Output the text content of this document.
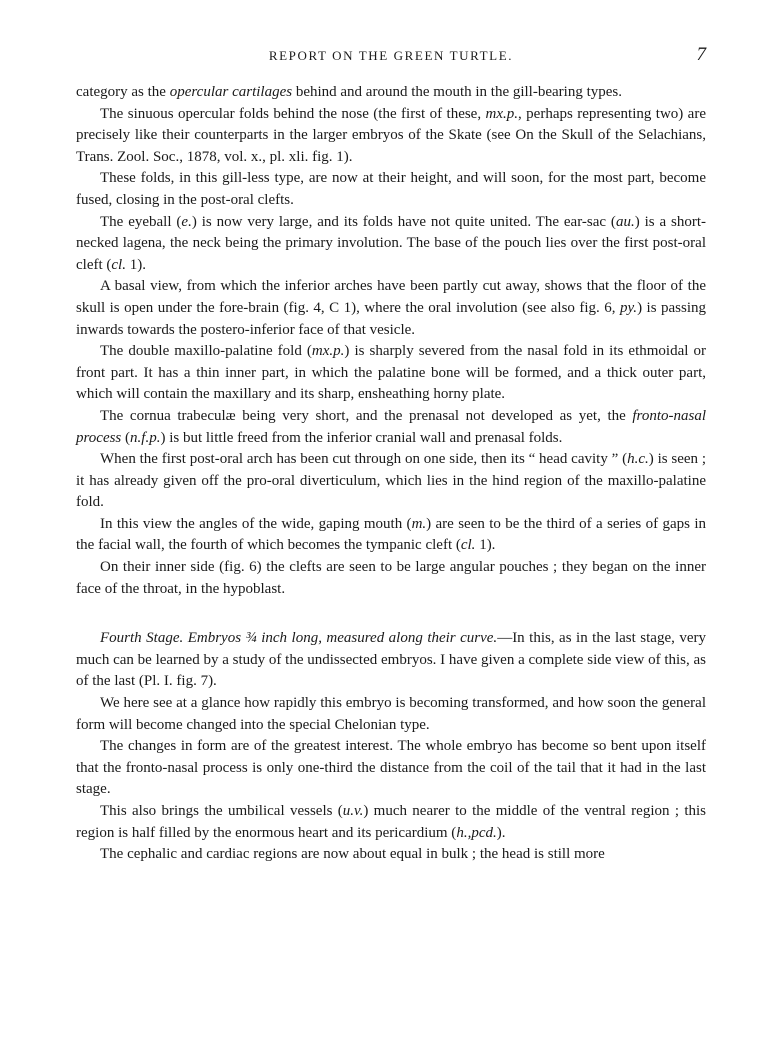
REPORT ON THE GREEN TURTLE.	7

category as the opercular cartilages behind and around the mouth in the gill-bearing types.

The sinuous opercular folds behind the nose (the first of these, mx.p., perhaps representing two) are precisely like their counterparts in the larger embryos of the Skate (see On the Skull of the Selachians, Trans. Zool. Soc., 1878, vol. x., pl. xli. fig. 1).

These folds, in this gill-less type, are now at their height, and will soon, for the most part, become fused, closing in the post-oral clefts.

The eyeball (e.) is now very large, and its folds have not quite united. The ear-sac (au.) is a short-necked lagena, the neck being the primary involution. The base of the pouch lies over the first post-oral cleft (cl. 1).

A basal view, from which the inferior arches have been partly cut away, shows that the floor of the skull is open under the fore-brain (fig. 4, C 1), where the oral involution (see also fig. 6, py.) is passing inwards towards the postero-inferior face of that vesicle.

The double maxillo-palatine fold (mx.p.) is sharply severed from the nasal fold in its ethmoidal or front part. It has a thin inner part, in which the palatine bone will be formed, and a thick outer part, which will contain the maxillary and its sharp, ensheathing horny plate.

The cornua trabeculæ being very short, and the prenasal not developed as yet, the fronto-nasal process (n.f.p.) is but little freed from the inferior cranial wall and prenasal folds.

When the first post-oral arch has been cut through on one side, then its “ head cavity ” (h.c.) is seen ; it has already given off the pro-oral diverticulum, which lies in the hind region of the maxillo-palatine fold.

In this view the angles of the wide, gaping mouth (m.) are seen to be the third of a series of gaps in the facial wall, the fourth of which becomes the tympanic cleft (cl. 1).

On their inner side (fig. 6) the clefts are seen to be large angular pouches ; they began on the inner face of the throat, in the hypoblast.

Fourth Stage. Embryos ¾ inch long, measured along their curve.—In this, as in the last stage, very much can be learned by a study of the undissected embryos. I have given a complete side view of this, as of the last (Pl. I. fig. 7).

We here see at a glance how rapidly this embryo is becoming transformed, and how soon the general form will become changed into the special Chelonian type.

The changes in form are of the greatest interest. The whole embryo has become so bent upon itself that the fronto-nasal process is only one-third the distance from the coil of the tail that it had in the last stage.

This also brings the umbilical vessels (u.v.) much nearer to the middle of the ventral region ; this region is half filled by the enormous heart and its pericardium (h.,pcd.).

The cephalic and cardiac regions are now about equal in bulk ; the head is still more
